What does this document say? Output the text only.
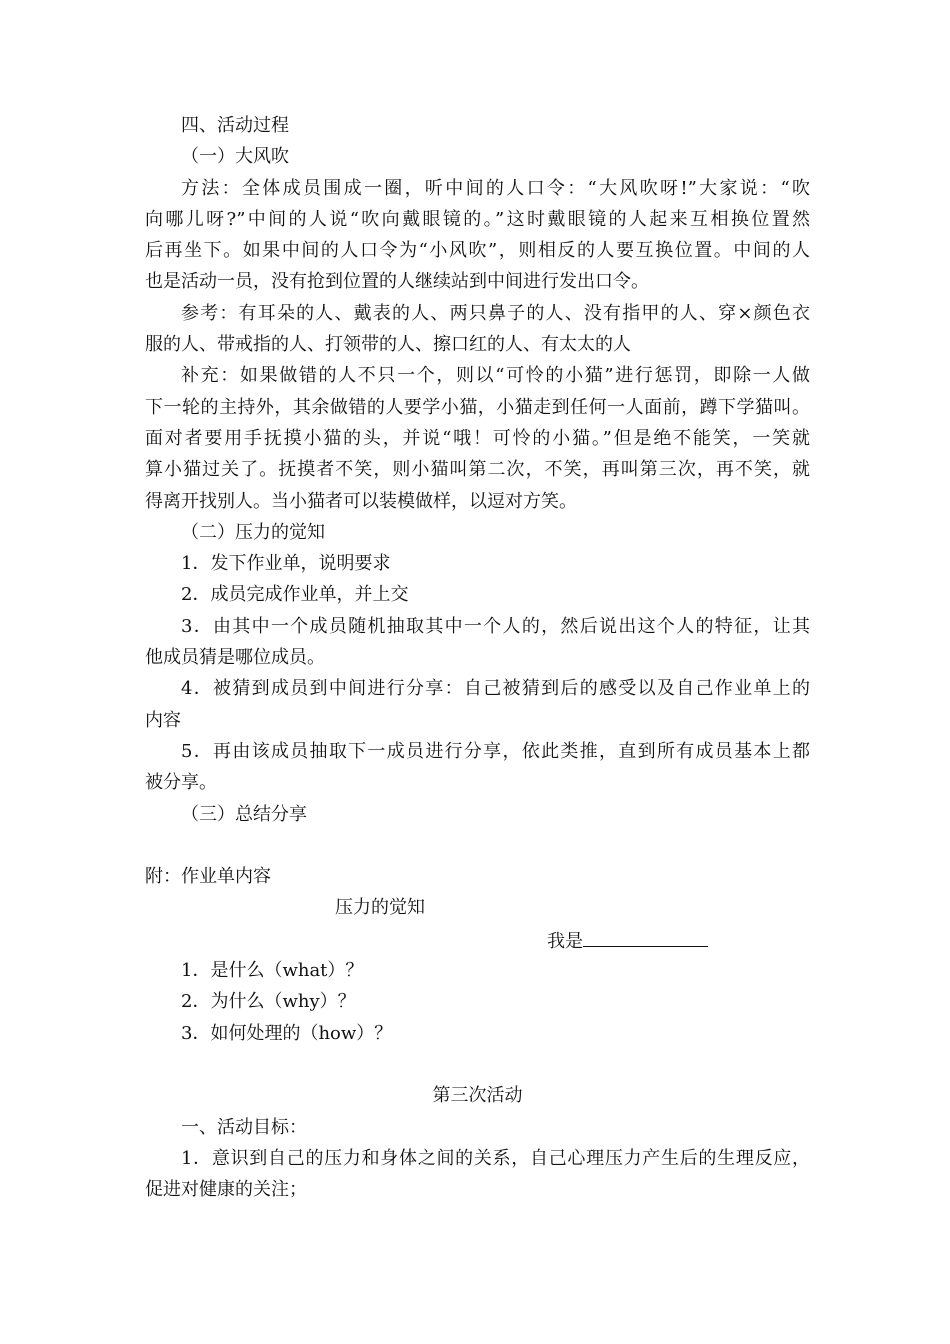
四、活动过程
（一）大风吹
方法：全体成员围成一圈，听中间的人口令：“大风吹呀!”大家说：“吹
向哪儿呀?”中间的人说“吹向戴眼镜的。”这时戴眼镜的人起来互相换位置然
后再坐下。如果中间的人口令为“小风吹”，则相反的人要互换位置。中间的人
也是活动一员，没有抢到位置的人继续站到中间进行发出口令。
参考：有耳朵的人、戴表的人、两只鼻子的人、没有指甲的人、穿×颜色衣
服的人、带戒指的人、打领带的人、擦口红的人、有太太的人
补充：如果做错的人不只一个，则以“可怜的小猫”进行惩罚，即除一人做
下一轮的主持外，其余做错的人要学小猫，小猫走到任何一人面前，蹲下学猫叫。
面对者要用手抚摸小猫的头，并说“哦！可怜的小猫。”但是绝不能笑，一笑就
算小猫过关了。抚摸者不笑，则小猫叫第二次，不笑，再叫第三次，再不笑，就
得离开找别人。当小猫者可以装模做样，以逗对方笑。
（二）压力的觉知
1．发下作业单，说明要求
2．成员完成作业单，并上交
3．由其中一个成员随机抽取其中一个人的，然后说出这个人的特征，让其
他成员猜是哪位成员。
4．被猜到成员到中间进行分享：自己被猜到后的感受以及自己作业单上的
内容
5．再由该成员抽取下一成员进行分享，依此类推，直到所有成员基本上都
被分享。
（三）总结分享
附：作业单内容
压力的觉知
我是
1．是什么（what）？
2．为什么（why）？
3．如何处理的（how）？
第三次活动
一、活动目标：
1．意识到自己的压力和身体之间的关系，自己心理压力产生后的生理反应，
促进对健康的关注；
